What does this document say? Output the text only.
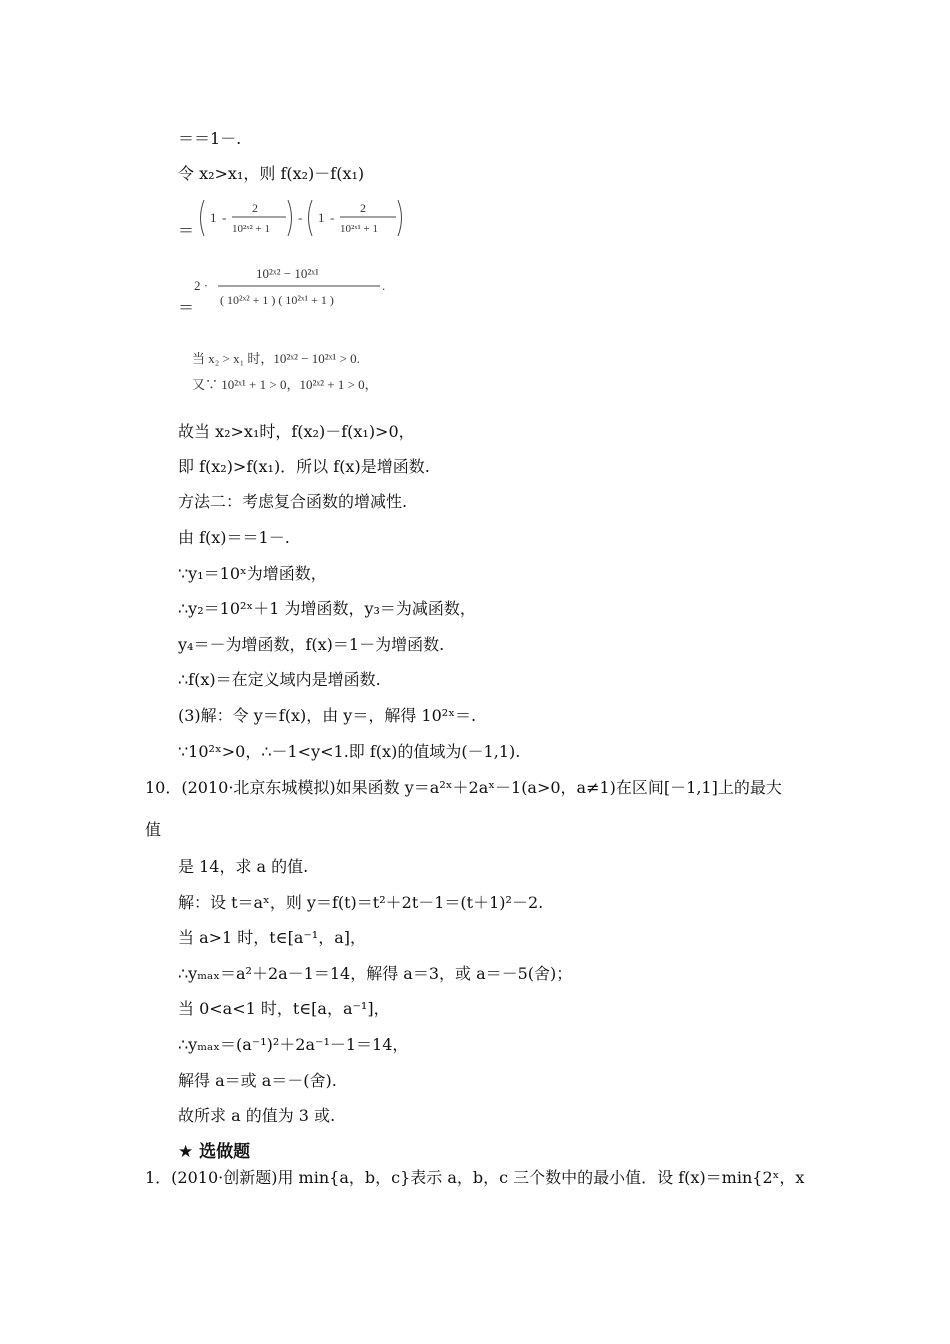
＝＝1－.
令 x₂>x₁，则 f(x₂)－f(x₁)
＝
1 -
2
10²ˣ² + 1
- 1 -
2
10²ˣ¹ + 1
＝
2 ·
10²ˣ² − 10²ˣ¹
( 10²ˣ² + 1 ) ( 10²ˣ¹ + 1 )
.
当 x₂ > x₁ 时，10²ˣ² − 10²ˣ¹ > 0.
又∵ 10²ˣ¹ + 1 > 0，10²ˣ² + 1 > 0，
故当 x₂>x₁时，f(x₂)－f(x₁)>0，
即 f(x₂)>f(x₁)．所以 f(x)是增函数.
方法二：考虑复合函数的增减性.
由 f(x)＝＝1－.
∵y₁＝10ˣ为增函数，
∴y₂＝10²ˣ＋1 为增函数，y₃＝为减函数，
y₄＝－为增函数，f(x)＝1－为增函数.
∴f(x)＝在定义域内是增函数.
(3)解：令 y＝f(x)，由 y＝，解得 10²ˣ＝.
∵10²ˣ>0，∴－1<y<1.即 f(x)的值域为(－1,1).
10．(2010·北京东城模拟)如果函数 y＝a²ˣ＋2aˣ－1(a>0，a≠1)在区间[－1,1]上的最大
值
是 14，求 a 的值.
解：设 t＝aˣ，则 y＝f(t)＝t²＋2t－1＝(t＋1)²－2.
当 a>1 时，t∈[a⁻¹，a]，
∴yₘₐₓ＝a²＋2a－1＝14，解得 a＝3，或 a＝－5(舍)；
当 0<a<1 时，t∈[a，a⁻¹]，
∴yₘₐₓ＝(a⁻¹)²＋2a⁻¹－1＝14，
解得 a＝或 a＝－(舍).
故所求 a 的值为 3 或.
★ 选做题
1．(2010·创新题)用 min{a，b，c}表示 a，b，c 三个数中的最小值．设 f(x)＝min{2ˣ，x
